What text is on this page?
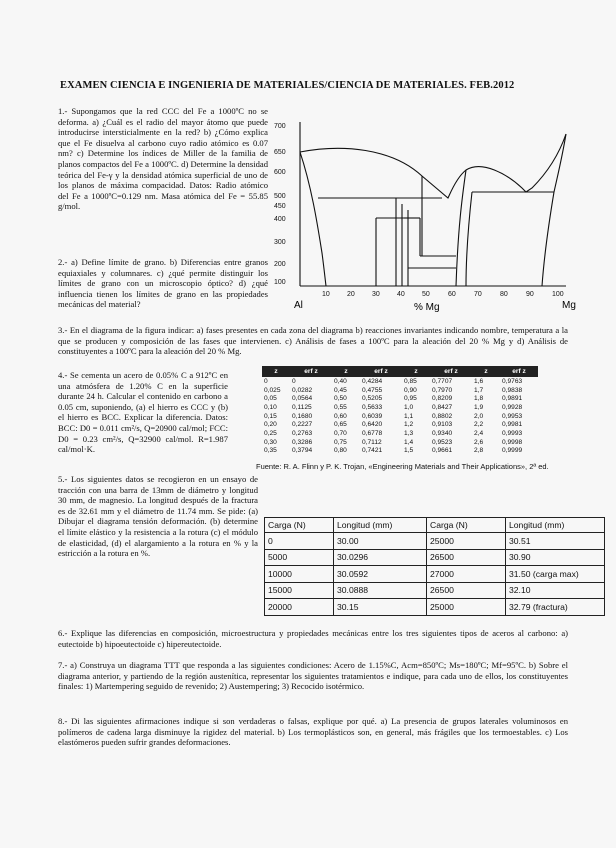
EXAMEN CIENCIA E INGENIERIA DE MATERIALES/CIENCIA DE MATERIALES. FEB.2012
1.- Supongamos que la red CCC del Fe a 1000ºC no se deforma. a) ¿Cuál es el radio del mayor átomo que puede introducirse intersticialmente en la red? b) ¿Cómo explica que el Fe disuelva al carbono cuyo radio atómico es 0.07 nm? c) Determine los índices de Miller de la familia de planos compactos del Fe a 1000ºC. d) Determine la densidad teórica del Fe-γ y la densidad atómica superficial de uno de los planos de máxima compacidad. Datos: Radio atómico del Fe a 1000ºC=0.129 nm. Masa atómica del Fe = 55.85 g/mol.
2.- a) Define límite de grano. b) Diferencias entre granos equiaxiales y columnares. c) ¿qué permite distinguir los límites de grano con un microscopio óptico? d) ¿qué influencia tienen los límites de grano en las propiedades mecánicas del material?
3.- En el diagrama de la figura indicar: a) fases presentes en cada zona del diagrama b) reacciones invariantes indicando nombre, temperatura a la que se producen y composición de las fases que intervienen. c) Análisis de fases a 100ºC para la aleación del 20 % Mg y d) Análisis de constituyentes a 100ºC para la aleación del 20 % Mg.
4.- Se cementa un acero de 0.05% C a 912ºC en una atmósfera de 1.20% C en la superficie durante 24 h. Calcular el contenido en carbono a 0.05 cm, suponiendo, (a) el hierro es CCC y (b) el hierro es BCC. Explicar la diferencia. Datos: BCC: D0 = 0.011 cm²/s, Q=20900 cal/mol; FCC: D0 = 0.23 cm²/s, Q=32900 cal/mol. R=1.987 cal/mol·K.
5.- Los siguientes datos se recogieron en un ensayo de tracción con una barra de 13mm de diámetro y longitud 30 mm, de magnesio. La longitud después de la fractura es de 32.61 mm y el diámetro de 11.74 mm. Se pide: (a) Dibujar el diagrama tensión deformación. (b) determine el límite elástico y la resistencia a la rotura (c) el módulo de elasticidad, (d) el alargamiento a la rotura en % y la estricción a la rotura en %.
6.- Explique las diferencias en composición, microestructura y propiedades mecánicas entre los tres siguientes tipos de aceros al carbono: a) eutectoide b) hipoeutectoide c) hipereutectoide.
7.- a) Construya un diagrama TTT que responda a las siguientes condiciones: Acero de 1.15%C, Acm=850ºC; Ms=180ºC; Mf=95ºC. b) Sobre el diagrama anterior, y partiendo de la región austenítica, representar los siguientes tratamientos e indique, para cada uno de ellos, los constituyentes finales: 1) Martempering seguido de revenido; 2) Austempering; 3) Recocido isotérmico.
8.- Di las siguientes afirmaciones indique si son verdaderas o falsas, explique por qué. a) La presencia de grupos laterales voluminosos en polímeros de cadena larga disminuye la rigidez del material. b) Los termoplásticos son, en general, más frágiles que los termoestables. c) Los elastómeros pueden sufrir grandes deformaciones.
700
650
600
500
450
400
300
200
100
10 20 30 40 50	60	70	80	90	100
Al	% Mg	Mg
z	erf z	z	erf z	z	erf z	z	erf z
0	0	0,40	0,4284	0,85	0,7707	1,6	0,9763
0,025	0,0282	0,45	0,4755	0,90	0,7970	1,7	0,9838
0,05	0,0564	0,50	0,5205	0,95	0,8209	1,8	0,9891
0,10	0,1125	0,55	0,5633	1,0	0,8427	1,9	0,9928
0,15	0,1680	0,60	0,6039	1,1	0,8802	2,0	0,9953
0,20	0,2227	0,65	0,6420	1,2	0,9103	2,2	0,9981
0,25	0,2763	0,70	0,6778	1,3	0,9340	2,4	0,9993
0,30	0,3286	0,75	0,7112	1,4	0,9523	2,6	0,9998
0,35	0,3794	0,80	0,7421	1,5	0,9661	2,8	0,9999
Fuente: R. A. Flinn y P. K. Trojan, «Engineering Materials and Their Applications», 2ª ed.
Carga (N)	Longitud (mm)	Carga (N)	Longitud (mm)
0	30.00	25000	30.51
5000	30.0296	26500	30.90
10000	30.0592	27000	31.50 (carga max)
15000	30.0888	26500	32.10
20000	30.15	25000	32.79 (fractura)
